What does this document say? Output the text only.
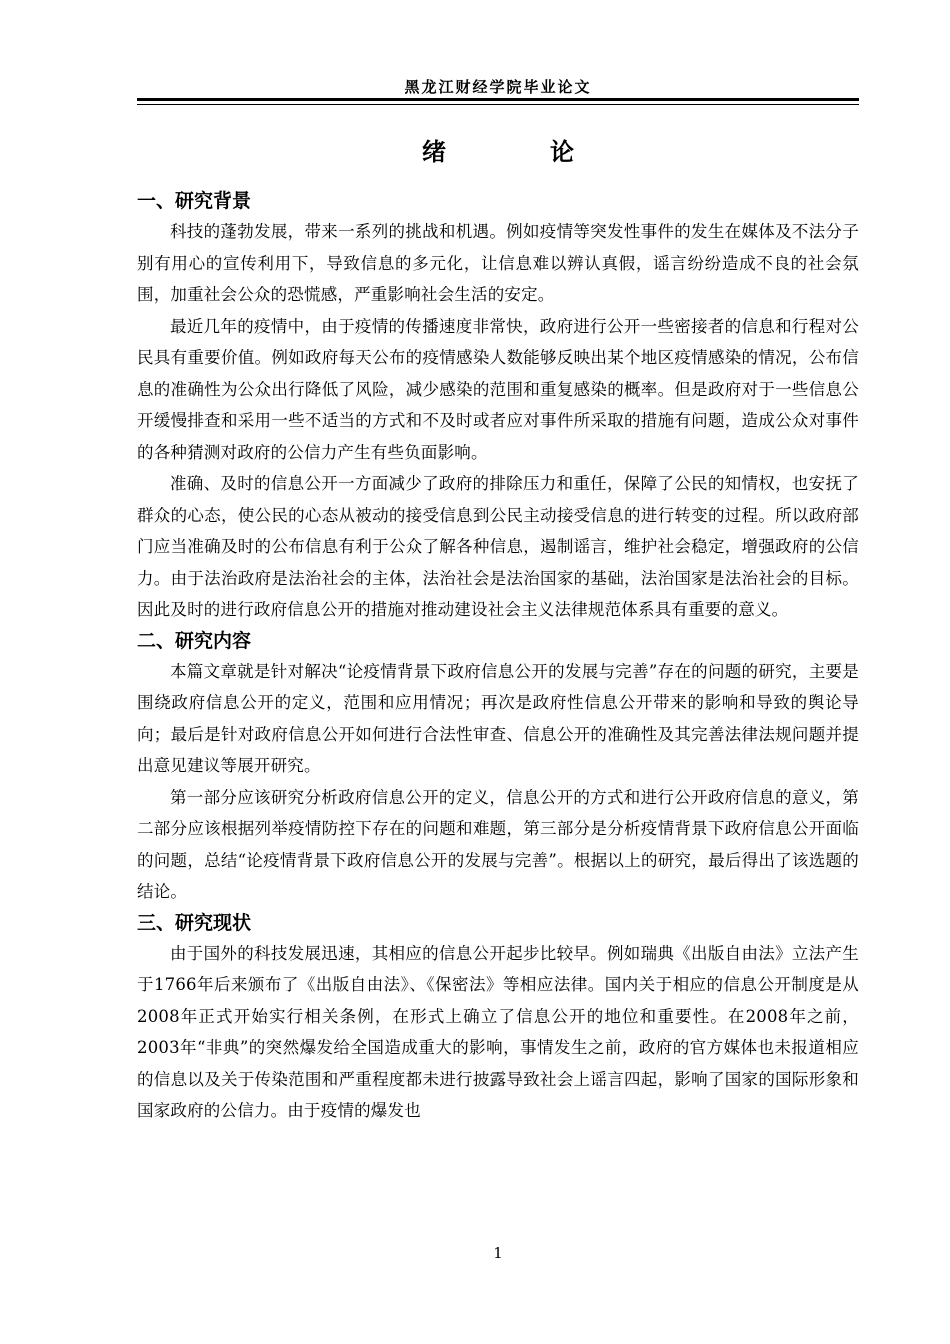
黑龙江财经学院毕业论文
绪　论
一、研究背景

科技的蓬勃发展，带来一系列的挑战和机遇。例如疫情等突发性事件的发生在媒体及不法分子别有用心的宣传利用下，导致信息的多元化，让信息难以辨认真假，谣言纷纷造成不良的社会氛围，加重社会公众的恐慌感，严重影响社会生活的安定。

最近几年的疫情中，由于疫情的传播速度非常快，政府进行公开一些密接者的信息和行程对公民具有重要价值。例如政府每天公布的疫情感染人数能够反映出某个地区疫情感染的情况，公布信息的准确性为公众出行降低了风险，减少感染的范围和重复感染的概率。但是政府对于一些信息公开缓慢排查和采用一些不适当的方式和不及时或者应对事件所采取的措施有问题，造成公众对事件的各种猜测对政府的公信力产生有些负面影响。

准确、及时的信息公开一方面减少了政府的排除压力和重任，保障了公民的知情权，也安抚了群众的心态，使公民的心态从被动的接受信息到公民主动接受信息的进行转变的过程。所以政府部门应当准确及时的公布信息有利于公众了解各种信息，遏制谣言，维护社会稳定，增强政府的公信力。由于法治政府是法治社会的主体，法治社会是法治国家的基础，法治国家是法治社会的目标。因此及时的进行政府信息公开的措施对推动建设社会主义法律规范体系具有重要的意义。

二、研究内容

本篇文章就是针对解决“论疫情背景下政府信息公开的发展与完善”存在的问题的研究，主要是围绕政府信息公开的定义，范围和应用情况；再次是政府性信息公开带来的影响和导致的舆论导向；最后是针对政府信息公开如何进行合法性审查、信息公开的准确性及其完善法律法规问题并提出意见建议等展开研究。

第一部分应该研究分析政府信息公开的定义，信息公开的方式和进行公开政府信息的意义，第二部分应该根据列举疫情防控下存在的问题和难题，第三部分是分析疫情背景下政府信息公开面临的问题，总结“论疫情背景下政府信息公开的发展与完善”。根据以上的研究，最后得出了该选题的结论。

三、研究现状

由于国外的科技发展迅速，其相应的信息公开起步比较早。例如瑞典《出版自由法》立法产生于1766年后来颁布了《出版自由法》、《保密法》等相应法律。国内关于相应的信息公开制度是从2008年正式开始实行相关条例，在形式上确立了信息公开的地位和重要性。在2008年之前，2003年“非典”的突然爆发给全国造成重大的影响，事情发生之前，政府的官方媒体也未报道相应的信息以及关于传染范围和严重程度都未进行披露导致社会上谣言四起，影响了国家的国际形象和国家政府的公信力。由于疫情的爆发也

1
